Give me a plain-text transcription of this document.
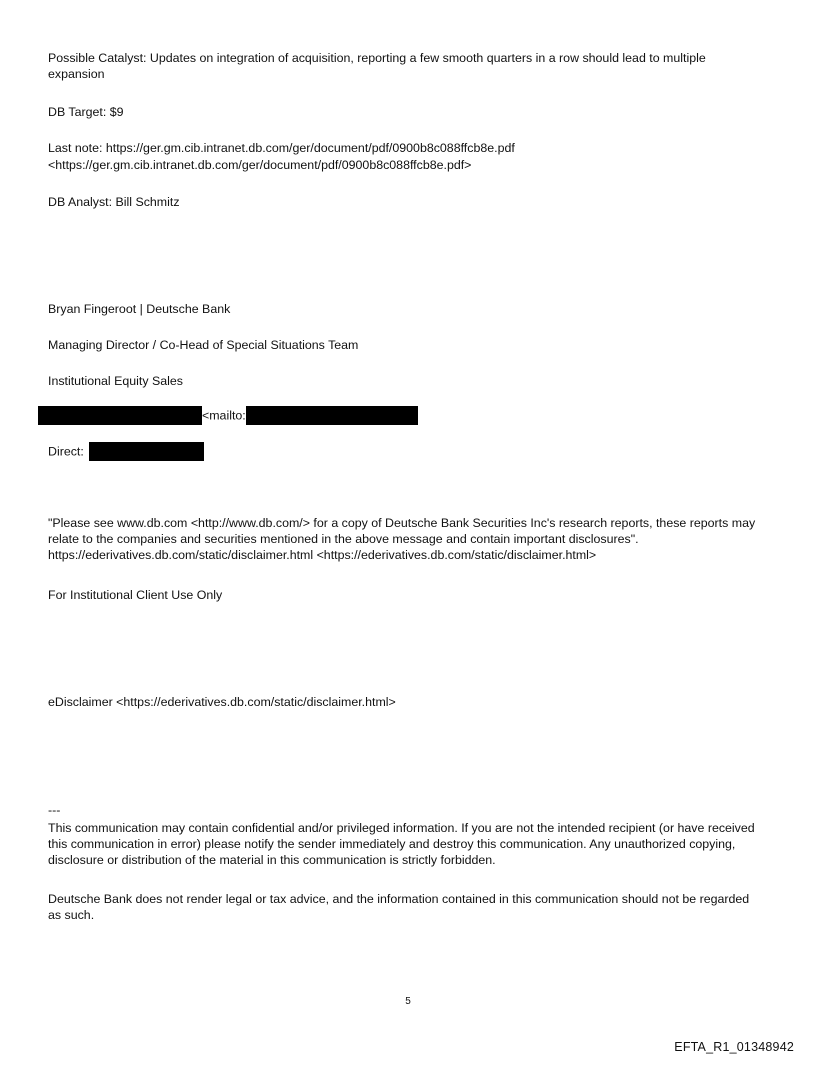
Possible Catalyst: Updates on integration of acquisition, reporting a few smooth quarters in a row should lead to multiple expansion
DB Target: $9
Last note: https://ger.gm.cib.intranet.db.com/ger/document/pdf/0900b8c088ffcb8e.pdf
<https://ger.gm.cib.intranet.db.com/ger/document/pdf/0900b8c088ffcb8e.pdf>
DB Analyst: Bill Schmitz
Bryan Fingeroot | Deutsche Bank
Managing Director / Co-Head of Special Situations Team
Institutional Equity Sales
<mailto:
Direct:
"Please see www.db.com <http://www.db.com/> for a copy of Deutsche Bank Securities Inc's research reports, these reports may relate to the companies and securities mentioned in the above message and contain important disclosures". https://ederivatives.db.com/static/disclaimer.html <https://ederivatives.db.com/static/disclaimer.html>
For Institutional Client Use Only
eDisclaimer <https://ederivatives.db.com/static/disclaimer.html>
---
This communication may contain confidential and/or privileged information. If you are not the intended recipient (or have received this communication in error) please notify the sender immediately and destroy this communication. Any unauthorized copying, disclosure or distribution of the material in this communication is strictly forbidden.
Deutsche Bank does not render legal or tax advice, and the information contained in this communication should not be regarded as such.
5
EFTA_R1_01348942
